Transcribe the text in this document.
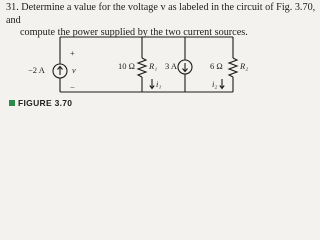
31. Determine a value for the voltage v as labeled in the circuit of Fig. 3.70, and
compute the power supplied by the two current sources.
−2 A
+
v
−
10 Ω R₁
i₁
3 A	6 Ω R₂
i₂
FIGURE 3.70
